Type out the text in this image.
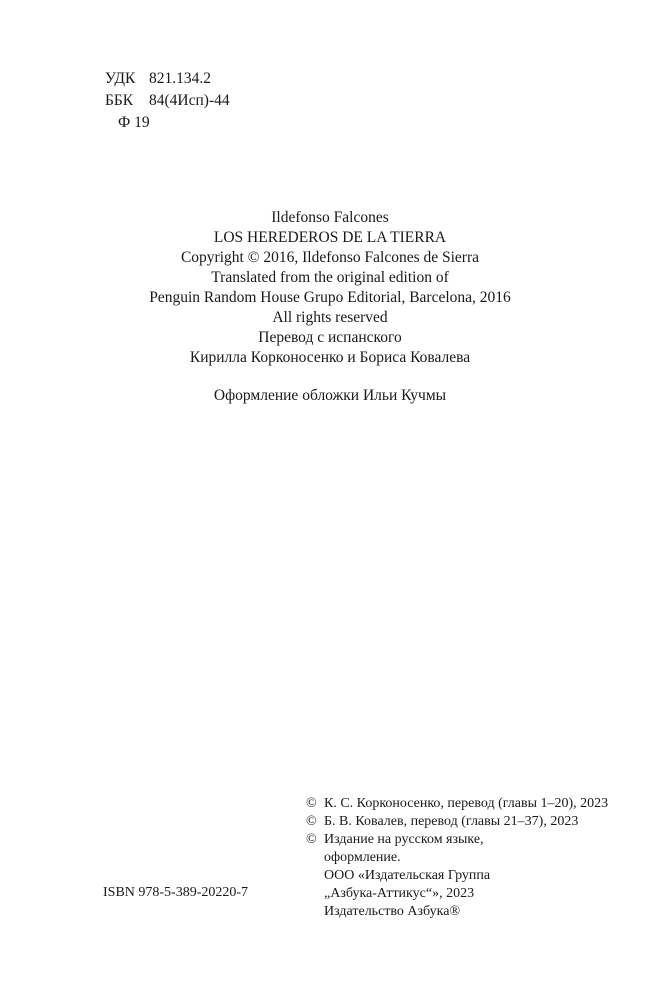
УДК 821.134.2
ББК	84(4Исп)-44
Ф 19
Ildefonso Falcones
LOS HEREDEROS DE LA TIERRA
Copyright © 2016, Ildefonso Falcones de Sierra
Translated from the original edition of
Penguin Random House Grupo Editorial, Barcelona, 2016
All rights reserved
Перевод с испанского
Кирилла Корконосенко и Бориса Ковалева
Оформление обложки Ильи Кучмы
© К. С. Корконосенко, перевод (главы 1–20), 2023
© Б. В. Ковалев, перевод (главы 21–37), 2023
© Издание на русском языке,
оформление.
ООО «Издательская Группа
„Азбука-Аттикус“», 2023
Издательство Азбука®
ISBN 978-5-389-20220-7
